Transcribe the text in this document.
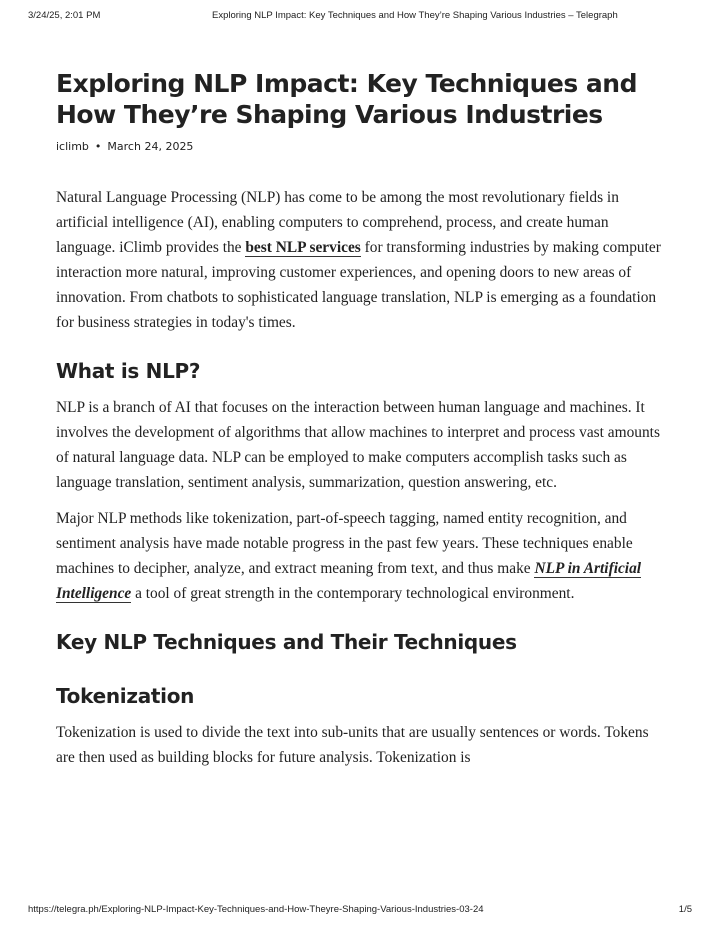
3/24/25, 2:01 PM	Exploring NLP Impact: Key Techniques and How They’re Shaping Various Industries – Telegraph
Exploring NLP Impact: Key Techniques and How They’re Shaping Various Industries
iclimb • March 24, 2025

Natural Language Processing (NLP) has come to be among the most revolutionary fields in artificial intelligence (AI), enabling computers to comprehend, process, and create human language. iClimb provides the best NLP services for transforming industries by making computer interaction more natural, improving customer experiences, and opening doors to new areas of innovation. From chatbots to sophisticated language translation, NLP is emerging as a foundation for business strategies in today's times.

What is NLP?

NLP is a branch of AI that focuses on the interaction between human language and machines. It involves the development of algorithms that allow machines to interpret and process vast amounts of natural language data. NLP can be employed to make computers accomplish tasks such as language translation, sentiment analysis, summarization, question answering, etc.

Major NLP methods like tokenization, part-of-speech tagging, named entity recognition, and sentiment analysis have made notable progress in the past few years. These techniques enable machines to decipher, analyze, and extract meaning from text, and thus make NLP in Artificial Intelligence a tool of great strength in the contemporary technological environment.

Key NLP Techniques and Their Techniques
Tokenization

Tokenization is used to divide the text into sub-units that are usually sentences or words. Tokens are then used as building blocks for future analysis. Tokenization is

https://telegra.ph/Exploring-NLP-Impact-Key-Techniques-and-How-Theyre-Shaping-Various-Industries-03-24	1/5
